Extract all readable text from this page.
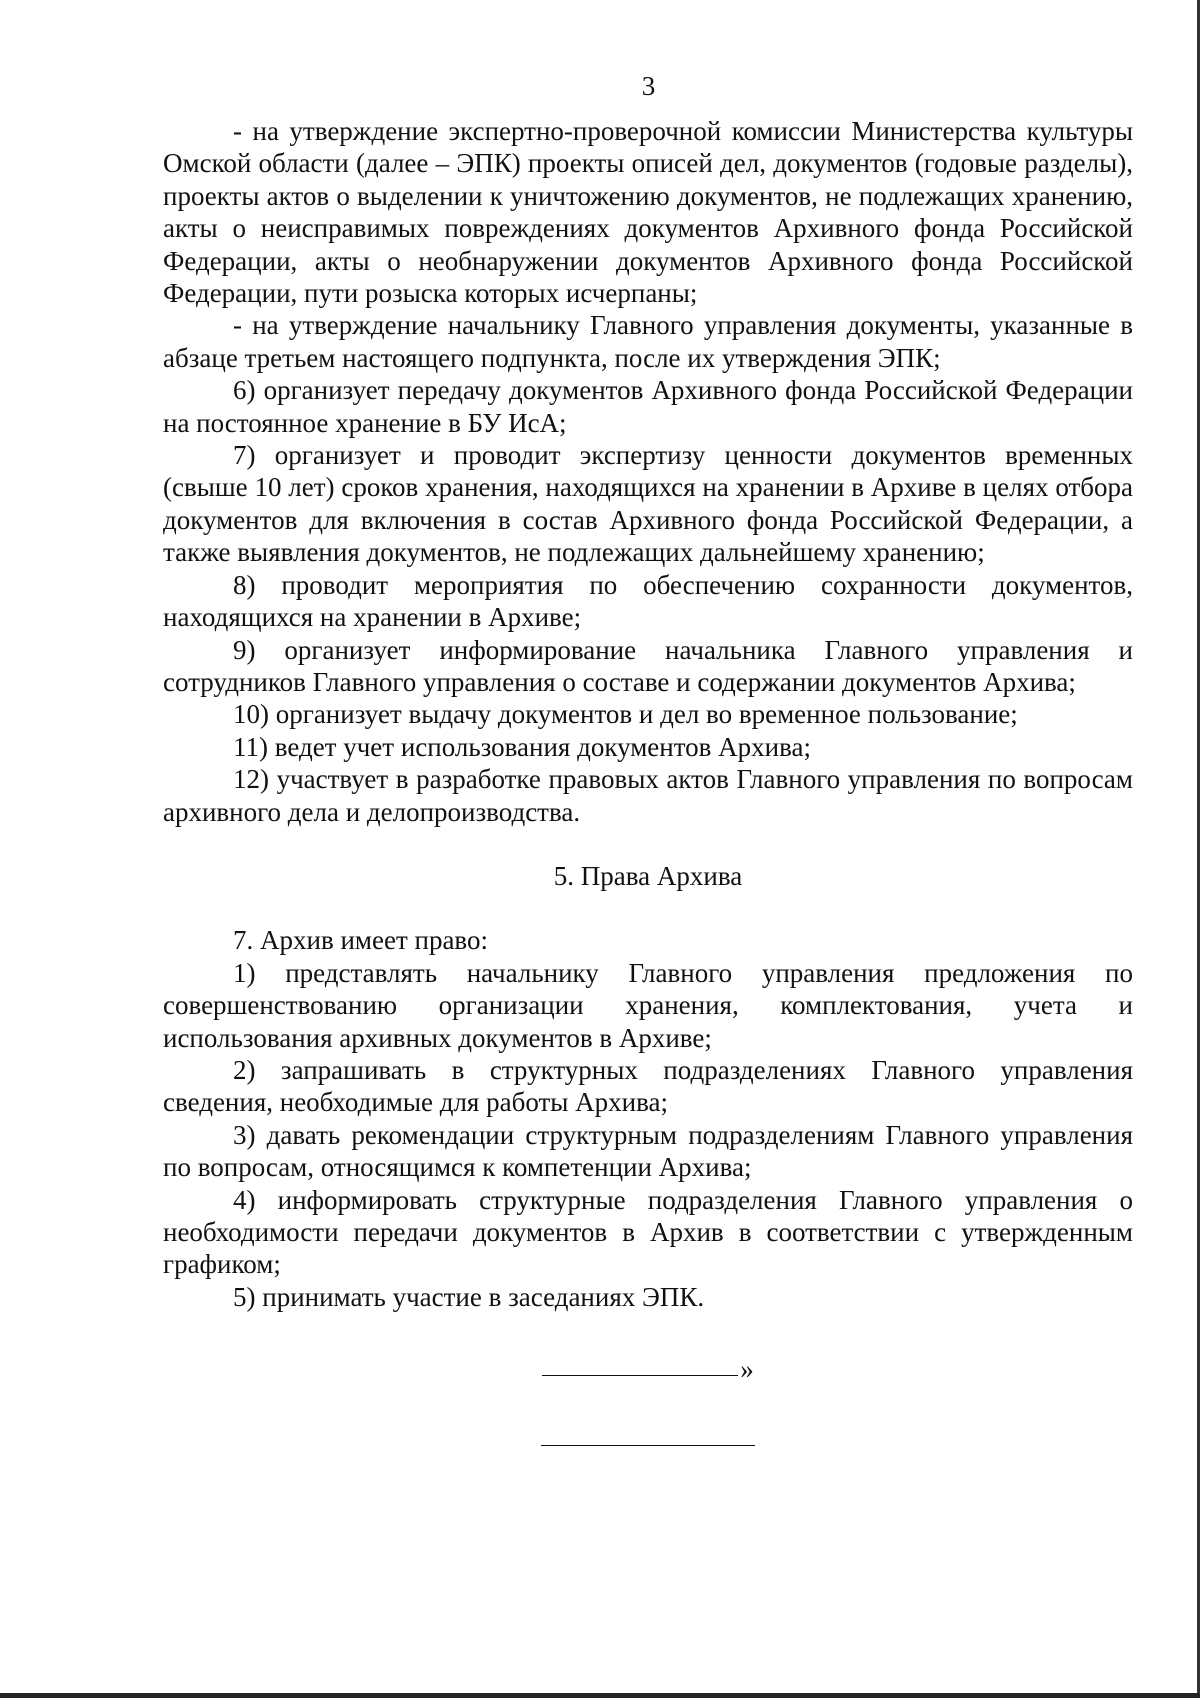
3

- на утверждение экспертно-проверочной комиссии Министерства культуры Омской области (далее – ЭПК) проекты описей дел, документов (годовые разделы), проекты актов о выделении к уничтожению документов, не подлежащих хранению, акты о неисправимых повреждениях документов Архивного фонда Российской Федерации, акты о необнаружении документов Архивного фонда Российской Федерации, пути розыска которых исчерпаны;

- на утверждение начальнику Главного управления документы, указанные в абзаце третьем настоящего подпункта, после их утверждения ЭПК;

6) организует передачу документов Архивного фонда Российской Федерации на постоянное хранение в БУ ИсА;

7) организует и проводит экспертизу ценности документов временных (свыше 10 лет) сроков хранения, находящихся на хранении в Архиве в целях отбора документов для включения в состав Архивного фонда Российской Федерации, а также выявления документов, не подлежащих дальнейшему хранению;

8) проводит мероприятия по обеспечению сохранности документов, находящихся на хранении в Архиве;

9) организует информирование начальника Главного управления и сотрудников Главного управления о составе и содержании документов Архива;

10) организует выдачу документов и дел во временное пользование;

11) ведет учет использования документов Архива;

12) участвует в разработке правовых актов Главного управления по вопросам архивного дела и делопроизводства.

5. Права Архива

7. Архив имеет право:

1) представлять начальнику Главного управления предложения по совершенствованию организации хранения, комплектования, учета и использования архивных документов в Архиве;

2) запрашивать в структурных подразделениях Главного управления сведения, необходимые для работы Архива;

3) давать рекомендации структурным подразделениям Главного управления по вопросам, относящимся к компетенции Архива;

4) информировать структурные подразделения Главного управления о необходимости передачи документов в Архив в соответствии с утвержденным графиком;

5) принимать участие в заседаниях ЭПК.

»
